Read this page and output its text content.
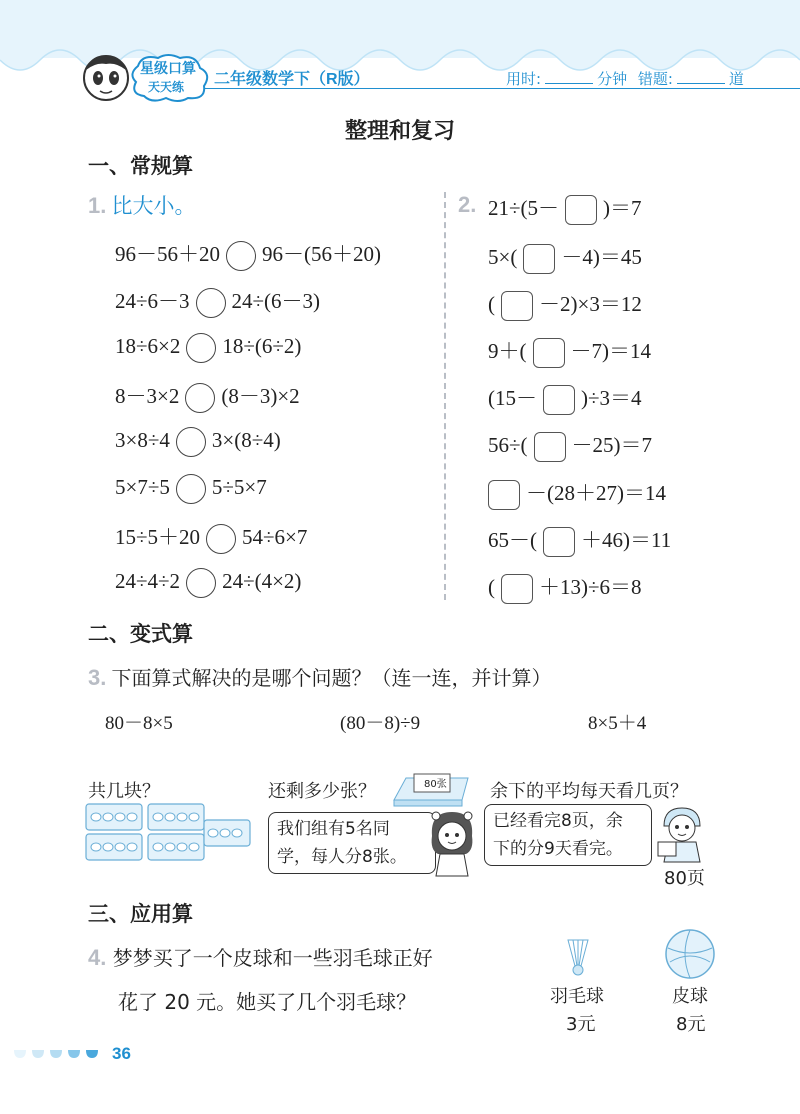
星级口算
天天练 二年级数学下（R版）	用时:	分钟 错题:	道
整理和复习
一、常规算
1. 比大小。
96－56＋20 96－(56＋20)
24÷6－3 24÷(6－3)
18÷6×2 18÷(6÷2)
8－3×2 (8－3)×2
3×8÷4 3×(8÷4)
5×7÷5 5÷5×7
15÷5＋20 54÷6×7
24÷4÷2 24÷(4×2)
2. 21÷(5－ )＝7
5×( －4)＝45
( －2)×3＝12
9＋( －7)＝14
(15－ )÷3＝4
56÷( －25)＝7
－(28＋27)＝14
65－( ＋46)＝11
( ＋13)÷6＝8
二、变式算
3. 下面算式解决的是哪个问题？（连一连，并计算）
80－8×5	(80－8)÷9	8×5＋4
共几块？	还剩多少张？	80张
我们组有5名同
学，每人分8张。
余下的平均每天看几页？
已经看完8页，余
下的分9天看完。
80页
三、应用算
4. 梦梦买了一个皮球和一些羽毛球正好
花了 20 元。她买了几个羽毛球？	羽毛球
3元
皮球
8元
36
